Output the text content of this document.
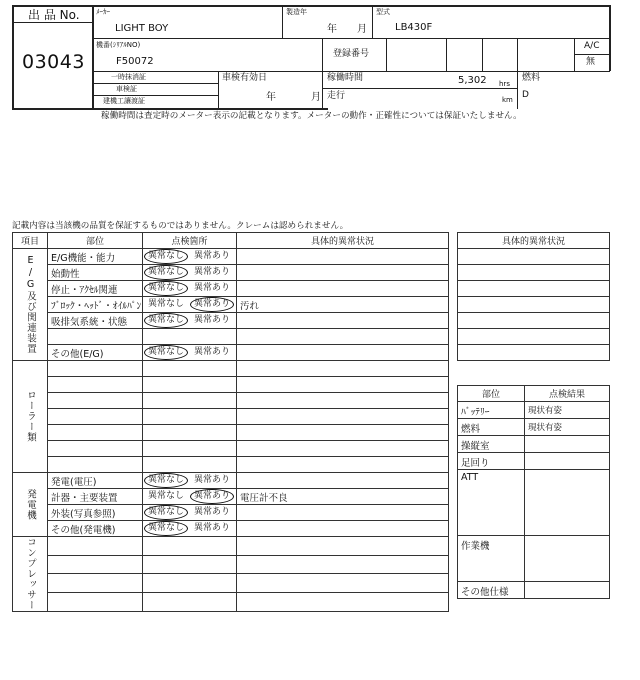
出 品 No.
03043
ﾒｰｶｰ
LIGHT BOY
製造年
年 月
型式
LB430F
機番(ｼﾘｱﾙNO)
F50072
登録番号
A/C
無
一時抹消証
車検証
建機工讓渡証
車検有効日
年	月
稼働時間	5,302 hrs
走行	km
燃料
D
稼働時間は査定時のメーター表示の記載となります。メーターの動作・正確性については保証いたしません。
記載内容は当該機の品質を保証するものではありません。クレームは認められません。
項目	部位	点検箇所	具体的異常状況

E/G及び関連装置	E/G機能・能力	異常なし 異常あり	

	始動性	異常なし 異常あり	

	停止・ｱｸｾﾙ関連	異常なし 異常あり	

	ﾌﾞﾛｯｸ・ﾍｯﾄﾞ・ｵｲﾙﾊﾟﾝ	異常なし 異常あり	汚れ
	吸排気系統・状態	異常なし 異常あり	

	その他(E/G)	異常なし 異常あり	

ローラー類			

発電機	発電(電圧)	異常なし 異常あり	

	計器・主要装置	異常なし 異常あり	電圧計不良
	外装(写真参照)	異常なし 異常あり	

	その他(発電機)	異常なし 異常あり	

コンプレッサー			

具体的異常状況

部位	点検結果
ﾊﾞｯﾃﾘｰ	現状有姿
燃料	現状有姿
操縦室	
足回り	
ATT	
作業機	
その他仕様	
